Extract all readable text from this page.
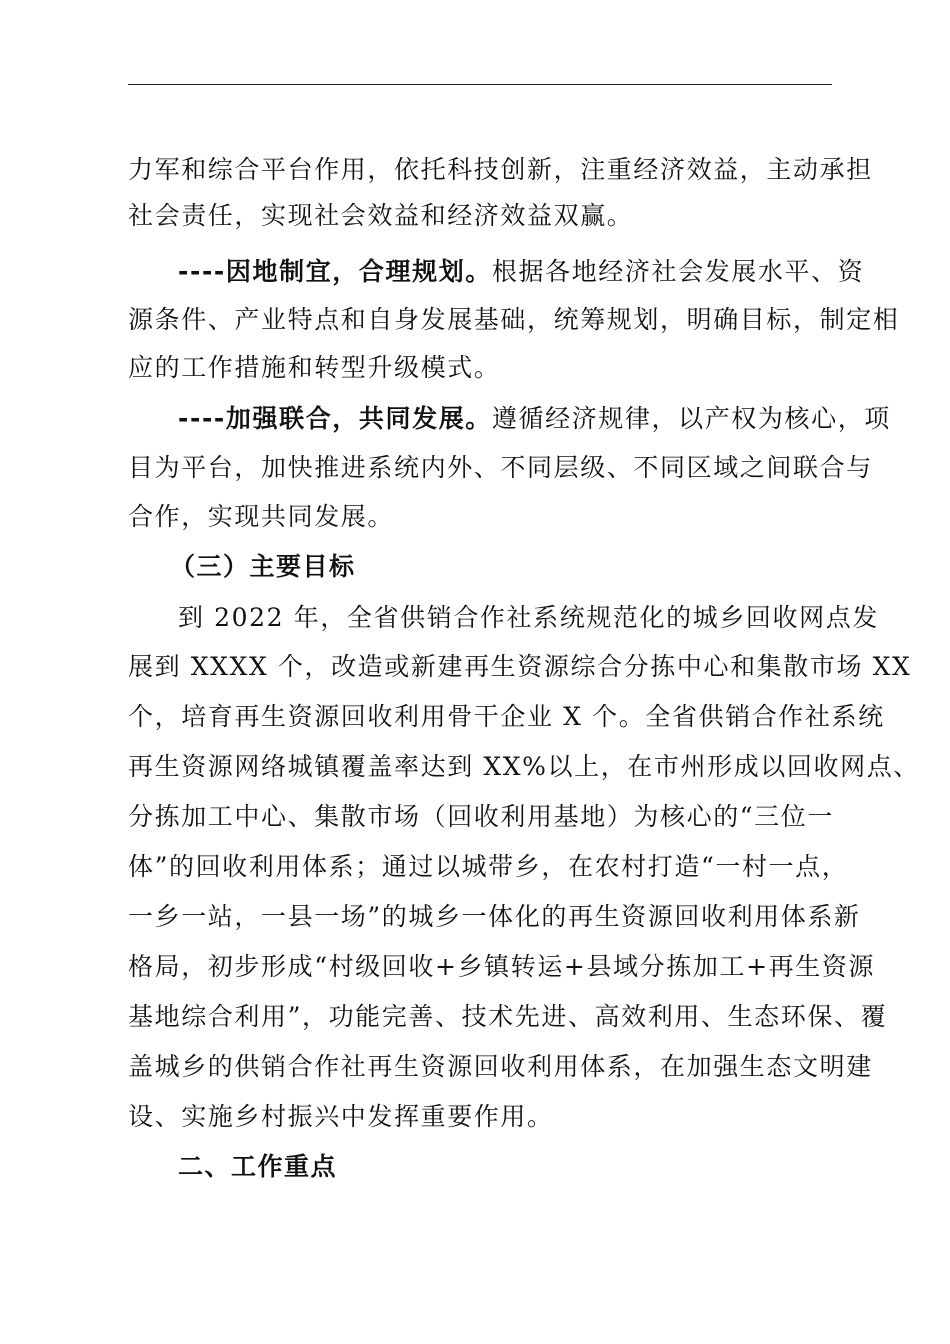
力军和综合平台作用，依托科技创新，注重经济效益，主动承担
社会责任，实现社会效益和经济效益双赢。
----因地制宜，合理规划。根据各地经济社会发展水平、资
源条件、产业特点和自身发展基础，统筹规划，明确目标，制定相
应的工作措施和转型升级模式。
----加强联合，共同发展。遵循经济规律，以产权为核心，项
目为平台，加快推进系统内外、不同层级、不同区域之间联合与
合作，实现共同发展。
（三）主要目标
到 2022 年，全省供销合作社系统规范化的城乡回收网点发
展到 XXXX 个，改造或新建再生资源综合分拣中心和集散市场 XX
个，培育再生资源回收利用骨干企业 X 个。全省供销合作社系统
再生资源网络城镇覆盖率达到 XX%以上，在市州形成以回收网点、
分拣加工中心、集散市场（回收利用基地）为核心的“三位一
体”的回收利用体系；通过以城带乡，在农村打造“一村一点，
一乡一站，一县一场”的城乡一体化的再生资源回收利用体系新
格局，初步形成“村级回收+乡镇转运+县域分拣加工+再生资源
基地综合利用”，功能完善、技术先进、高效利用、生态环保、覆
盖城乡的供销合作社再生资源回收利用体系，在加强生态文明建
设、实施乡村振兴中发挥重要作用。
二、工作重点
